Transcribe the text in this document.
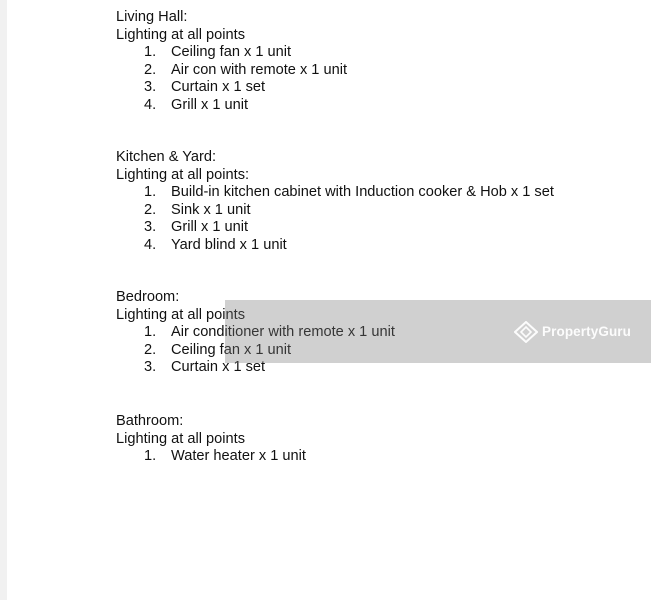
Living Hall:
Lighting at all points
1. Ceiling fan x 1 unit
2. Air con with remote x 1 unit
3. Curtain x 1 set
4. Grill x 1 unit
Kitchen & Yard:
Lighting at all points:
1. Build-in kitchen cabinet with Induction cooker & Hob x 1 set
2. Sink x 1 unit
3. Grill x 1 unit
4. Yard blind x 1 unit
Bedroom:
Lighting at all points
1. Air conditioner with remote x 1 unit
2. Ceiling fan x 1 unit
3. Curtain x 1 set
Bathroom:
Lighting at all points
1. Water heater x 1 unit
PropertyGuru
